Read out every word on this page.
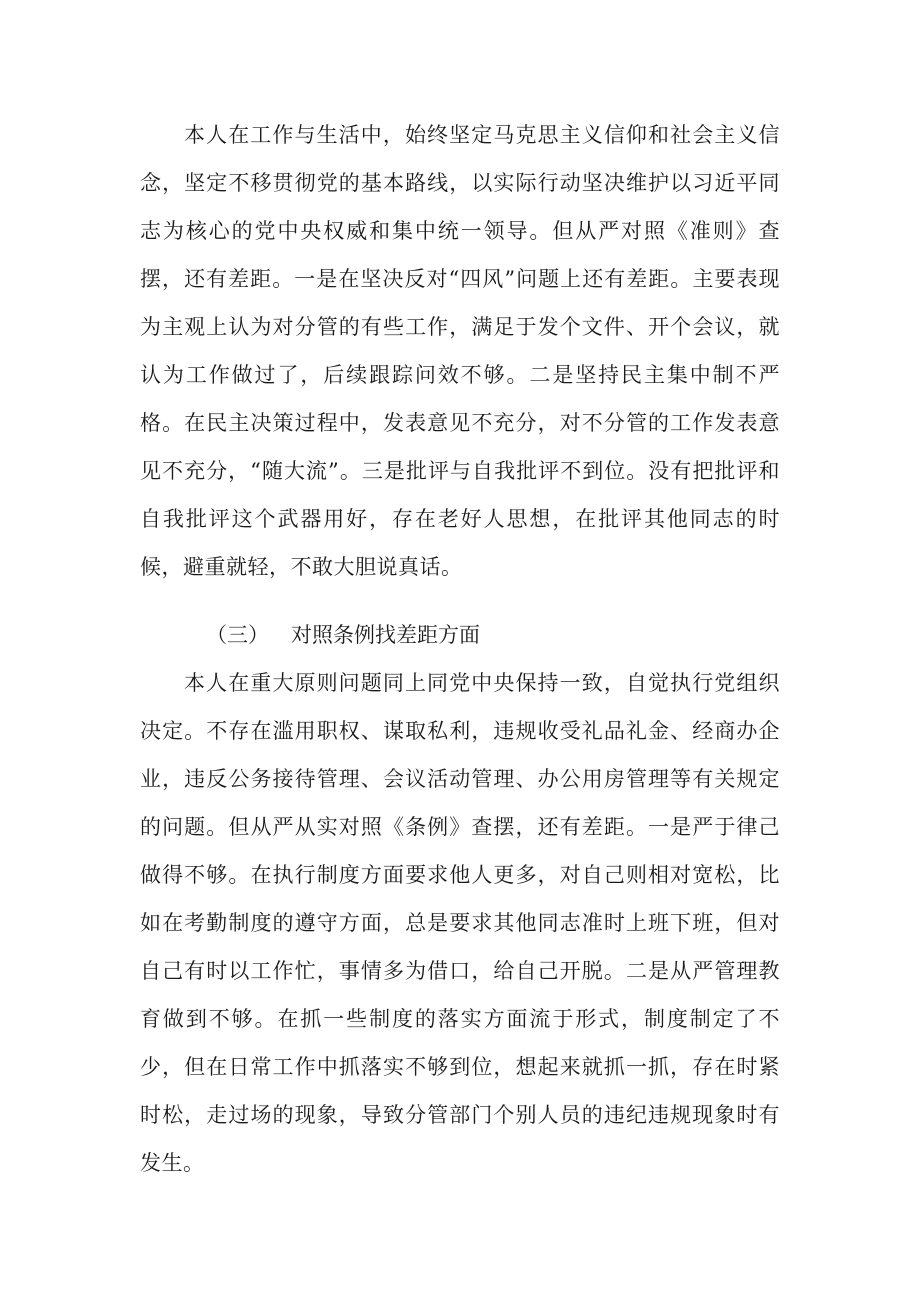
本人在工作与生活中，始终坚定马克思主义信仰和社会主义信念，坚定不移贯彻党的基本路线，以实际行动坚决维护以习近平同志为核心的党中央权威和集中统一领导。但从严对照《准则》查摆，还有差距。一是在坚决反对“四风”问题上还有差距。主要表现为主观上认为对分管的有些工作，满足于发个文件、开个会议，就认为工作做过了，后续跟踪问效不够。二是坚持民主集中制不严格。在民主决策过程中，发表意见不充分，对不分管的工作发表意见不充分，“随大流”。三是批评与自我批评不到位。没有把批评和自我批评这个武器用好，存在老好人思想，在批评其他同志的时候，避重就轻，不敢大胆说真话。

（三） 对照条例找差距方面

本人在重大原则问题同上同党中央保持一致，自觉执行党组织决定。不存在滥用职权、谋取私利，违规收受礼品礼金、经商办企业，违反公务接待管理、会议活动管理、办公用房管理等有关规定的问题。但从严从实对照《条例》查摆，还有差距。一是严于律己做得不够。在执行制度方面要求他人更多，对自己则相对宽松，比如在考勤制度的遵守方面，总是要求其他同志准时上班下班，但对自己有时以工作忙，事情多为借口，给自己开脱。二是从严管理教育做到不够。在抓一些制度的落实方面流于形式，制度制定了不少，但在日常工作中抓落实不够到位，想起来就抓一抓，存在时紧时松，走过场的现象，导致分管部门个别人员的违纪违规现象时有发生。
